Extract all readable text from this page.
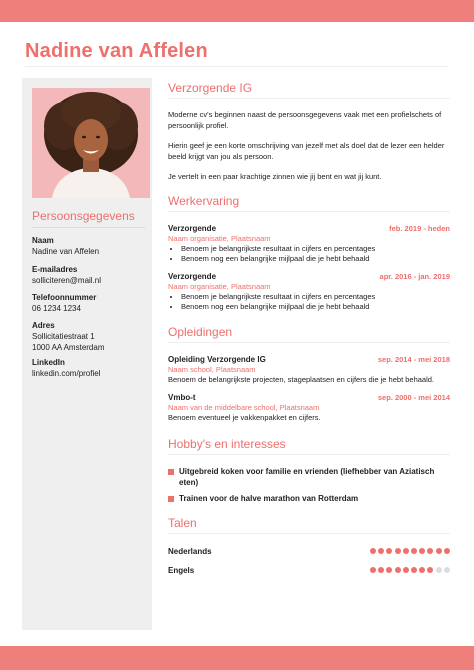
Nadine van Affelen
Persoonsgegevens
Naam
Nadine van Affelen
E-mailadres
solliciteren@mail.nl
Telefoonnummer
06 1234 1234
Adres
Sollicitatiestraat 1
1000 AA Amsterdam
LinkedIn
linkedin.com/profiel
Verzorgende IG
Moderne cv's beginnen naast de persoonsgegevens vaak met een profielschets of persoonlijk profiel.
Hierin geef je een korte omschrijving van jezelf met als doel dat de lezer een helder beeld krijgt van jou als persoon.
Je vertelt in een paar krachtige zinnen wie jij bent en wat jij kunt.
Werkervaring
Verzorgende	feb. 2019 - heden
Naam organisatie, Plaatsnaam
• Benoem je belangrijkste resultaat in cijfers en percentages
• Benoem nog een belangrijke mijlpaal die je hebt behaald
Verzorgende	apr. 2016 - jan. 2019
Naam organisatie, Plaatsnaam
• Benoem je belangrijkste resultaat in cijfers en percentages
• Benoem nog een belangrijke mijlpaal die je hebt behaald
Opleidingen
Opleiding Verzorgende IG	sep. 2014 - mei 2018
Naam school, Plaatsnaam
Benoem de belangrijkste projecten, stageplaatsen en cijfers die je hebt behaald.
Vmbo-t	sep. 2000 - mei 2014
Naam van de middelbare school, Plaatsnaam
Benoem eventueel je vakkenpakket en cijfers.
Hobby's en interesses
Uitgebreid koken voor familie en vrienden (liefhebber van Aziatisch eten)
Trainen voor de halve marathon van Rotterdam
Talen
Nederlands
Engels
